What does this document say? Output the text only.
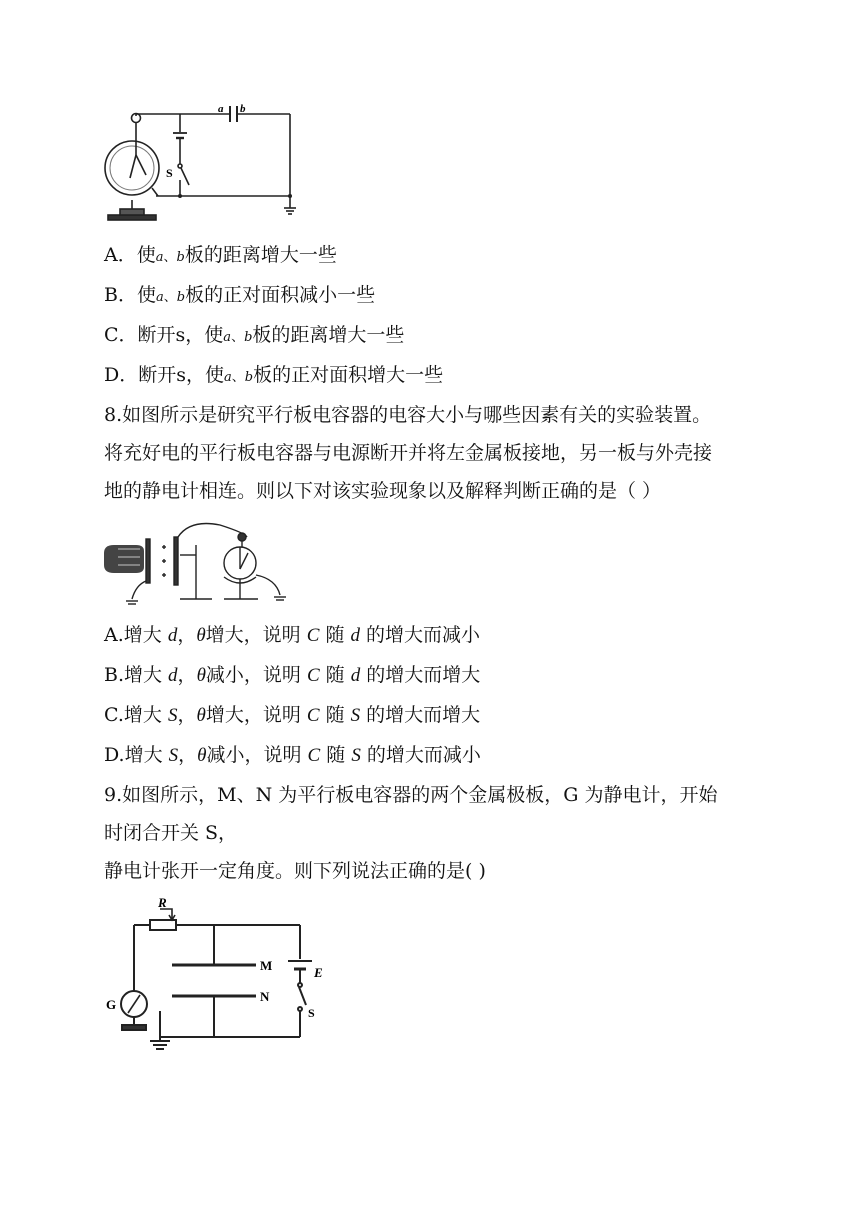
a b
S
A．使a、b板的距离增大一些
B．使a、b板的正对面积减小一些
C．断开s，使a、b板的距离增大一些
D．断开s，使a、b板的正对面积增大一些
8.如图所示是研究平行板电容器的电容大小与哪些因素有关的实验装置。
将充好电的平行板电容器与电源断开并将左金属板接地，另一板与外壳接
地的静电计相连。则以下对该实验现象以及解释判断正确的是（ ）
A.增大 d，θ增大，说明 C 随 d 的增大而减小
B.增大 d，θ减小，说明 C 随 d 的增大而增大
C.增大 S，θ增大，说明 C 随 S 的增大而增大
D.增大 S，θ减小，说明 C 随 S 的增大而减小
9.如图所示，M、N 为平行板电容器的两个金属极板，G 为静电计，开始
时闭合开关 S，
静电计张开一定角度。则下列说法正确的是( )
R
M
N
E
G
S
